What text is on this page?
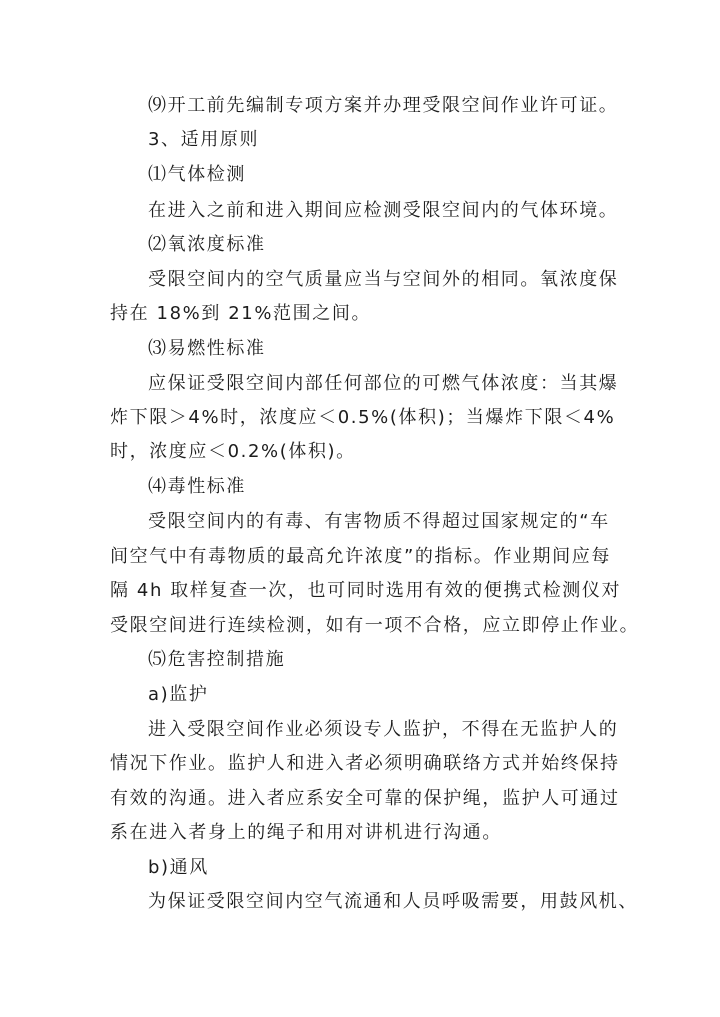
⑼开工前先编制专项方案并办理受限空间作业许可证。
3、适用原则
⑴气体检测
在进入之前和进入期间应检测受限空间内的气体环境。
⑵氧浓度标准
受限空间内的空气质量应当与空间外的相同。氧浓度保
持在 18%到 21%范围之间。
⑶易燃性标准
应保证受限空间内部任何部位的可燃气体浓度：当其爆
炸下限＞4%时，浓度应＜0.5%(体积)；当爆炸下限＜4%
时，浓度应＜0.2%(体积)。
⑷毒性标准
受限空间内的有毒、有害物质不得超过国家规定的“车
间空气中有毒物质的最高允许浓度”的指标。作业期间应每
隔 4h 取样复查一次，也可同时选用有效的便携式检测仪对
受限空间进行连续检测，如有一项不合格，应立即停止作业。
⑸危害控制措施
a)监护
进入受限空间作业必须设专人监护，不得在无监护人的
情况下作业。监护人和进入者必须明确联络方式并始终保持
有效的沟通。进入者应系安全可靠的保护绳，监护人可通过
系在进入者身上的绳子和用对讲机进行沟通。
b)通风
为保证受限空间内空气流通和人员呼吸需要，用鼓风机、
